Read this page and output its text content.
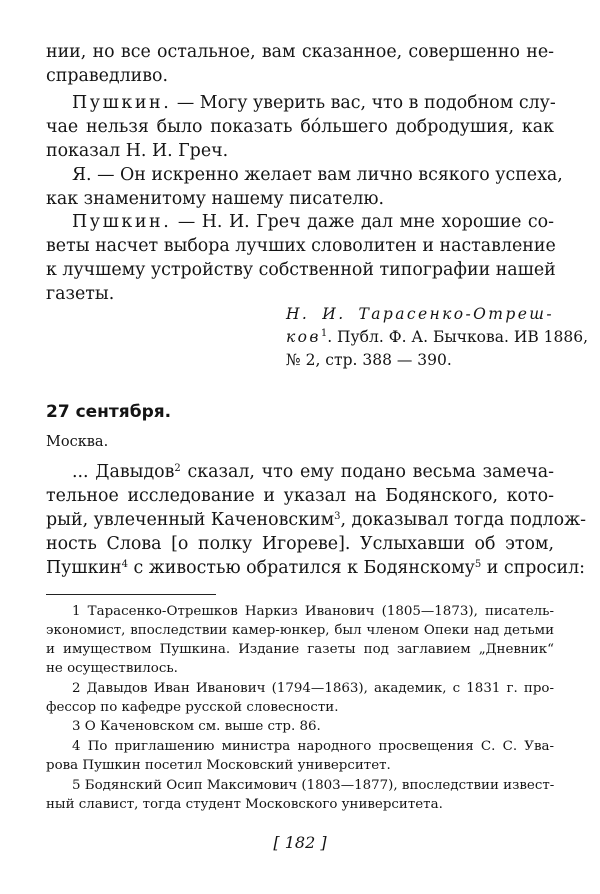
нии, но все остальное, вам сказанное, совершенно не-
справедливо.
Пушкин. — Могу уверить вас, что в подобном слу-
чае нельзя было показать бо́льшего добродушия, как
показал Н. И. Греч.
Я. — Он искренно желает вам лично всякого успеха,
как знаменитому нашему писателю.
Пушкин. — Н. И. Греч даже дал мне хорошие со-
веты насчет выбора лучших словолитен и наставление
к лучшему устройству собственной типографии нашей
газеты.
Н. И. Тарасенко-Отреш-
ков$^1$. Публ. Ф. А. Бычкова. ИВ 1886,
№ 2, стр. 388 — 390.
27 сентября.
Москва.
... Давыдов$^2$ сказал, что ему подано весьма замеча-
тельное исследование и указал на Бодянского, кото-
рый, увлеченный Каченовским$^3$, доказывал тогда подлож-
ность Слова [о полку Игореве]. Услыхавши об этом,
Пушкин$^4$ с живостью обратился к Бодянскому$^5$ и спросил:
1 Тарасенко-Отрешков Наркиз Иванович (1805—1873), писатель-
экономист, впоследствии камер-юнкер, был членом Опеки над детьми
и имуществом Пушкина. Издание газеты под заглавием „Дневник“
не осуществилось.
2 Давыдов Иван Иванович (1794—1863), академик, с 1831 г. про-
фессор по кафедре русской словесности.
3 О Каченовском см. выше стр. 86.
4 По приглашению министра народного просвещения С. С. Ува-
рова Пушкин посетил Московский университет.
5 Бодянский Осип Максимович (1803—1877), впоследствии извест-
ный славист, тогда студент Московского университета.
[ 182 ]
